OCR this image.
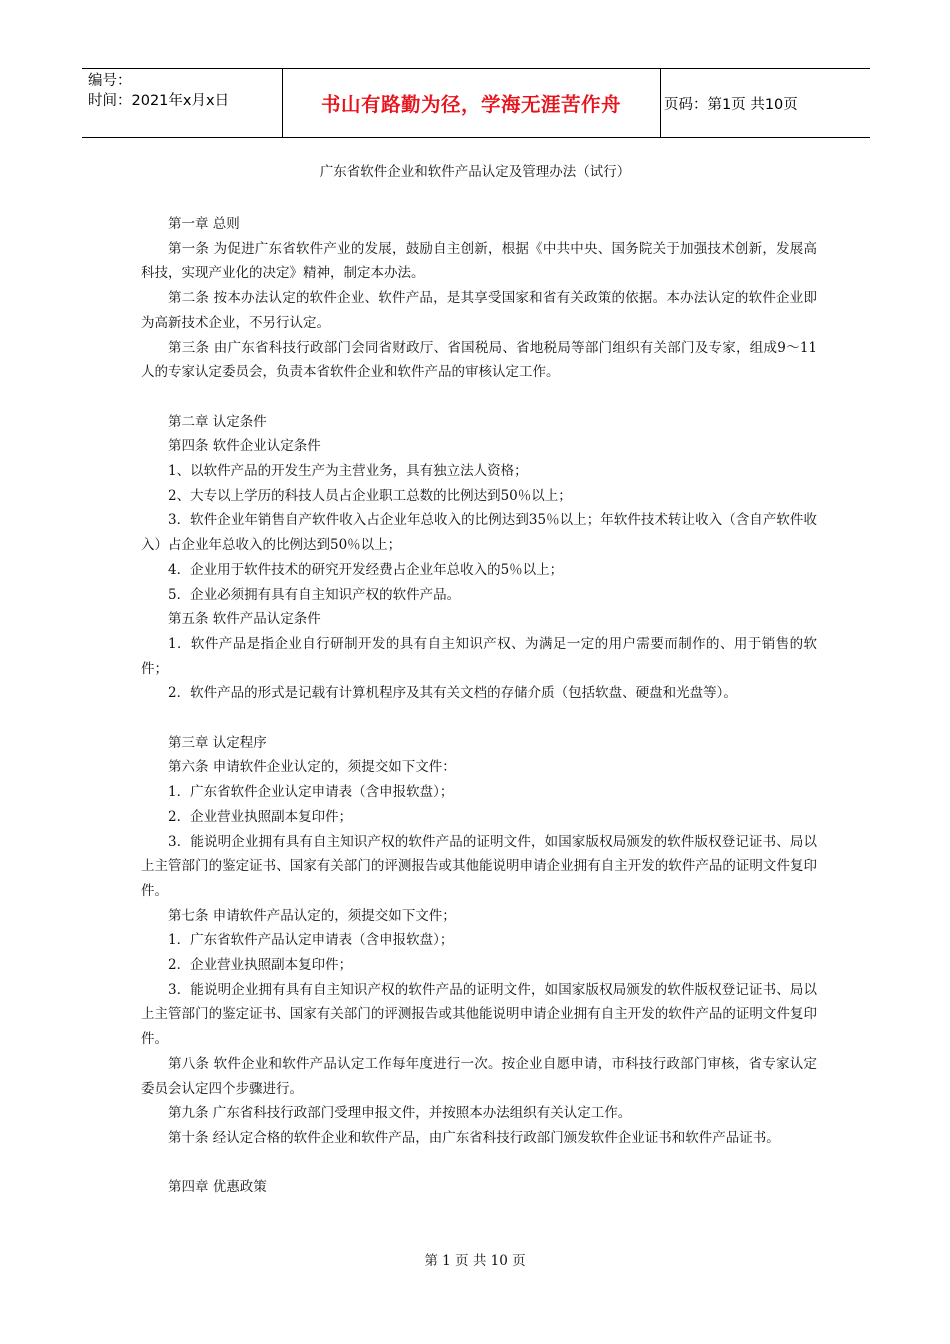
编号：
时间：2021年x月x日	书山有路勤为径，学海无涯苦作舟	页码：第1页 共10页
广东省软件企业和软件产品认定及管理办法（试行）

第一章 总则

第一条 为促进广东省软件产业的发展，鼓励自主创新，根据《中共中央、国务院关于加强技术创新，发展高科技，实现产业化的决定》精神，制定本办法。

第二条 按本办法认定的软件企业、软件产品，是其享受国家和省有关政策的依据。本办法认定的软件企业即为高新技术企业，不另行认定。

第三条 由广东省科技行政部门会同省财政厅、省国税局、省地税局等部门组织有关部门及专家，组成9～11人的专家认定委员会，负责本省软件企业和软件产品的审核认定工作。

第二章 认定条件

第四条 软件企业认定条件

1、以软件产品的开发生产为主营业务，具有独立法人资格；

2、大专以上学历的科技人员占企业职工总数的比例达到50％以上；

3．软件企业年销售自产软件收入占企业年总收入的比例达到35％以上；年软件技术转让收入（含自产软件收入）占企业年总收入的比例达到50％以上；

4．企业用于软件技术的研究开发经费占企业年总收入的5％以上；

5．企业必须拥有具有自主知识产权的软件产品。

第五条 软件产品认定条件

1．软件产品是指企业自行研制开发的具有自主知识产权、为满足一定的用户需要而制作的、用于销售的软件；

2．软件产品的形式是记载有计算机程序及其有关文档的存储介质（包括软盘、硬盘和光盘等）。

第三章 认定程序

第六条 申请软件企业认定的，须提交如下文件：

1．广东省软件企业认定申请表（含申报软盘）；

2．企业营业执照副本复印件；

3．能说明企业拥有具有自主知识产权的软件产品的证明文件，如国家版权局颁发的软件版权登记证书、局以上主管部门的鉴定证书、国家有关部门的评测报告或其他能说明申请企业拥有自主开发的软件产品的证明文件复印件。

第七条 申请软件产品认定的，须提交如下文件；

1．广东省软件产品认定申请表（含申报软盘）；

2．企业营业执照副本复印件；

3．能说明企业拥有具有自主知识产权的软件产品的证明文件，如国家版权局颁发的软件版权登记证书、局以上主管部门的鉴定证书、国家有关部门的评测报告或其他能说明申请企业拥有自主开发的软件产品的证明文件复印件。

第八条 软件企业和软件产品认定工作每年度进行一次。按企业自愿申请，市科技行政部门审核，省专家认定委员会认定四个步骤进行。

第九条 广东省科技行政部门受理申报文件，并按照本办法组织有关认定工作。

第十条 经认定合格的软件企业和软件产品，由广东省科技行政部门颁发软件企业证书和软件产品证书。

第四章 优惠政策

第 1 页 共 10 页
